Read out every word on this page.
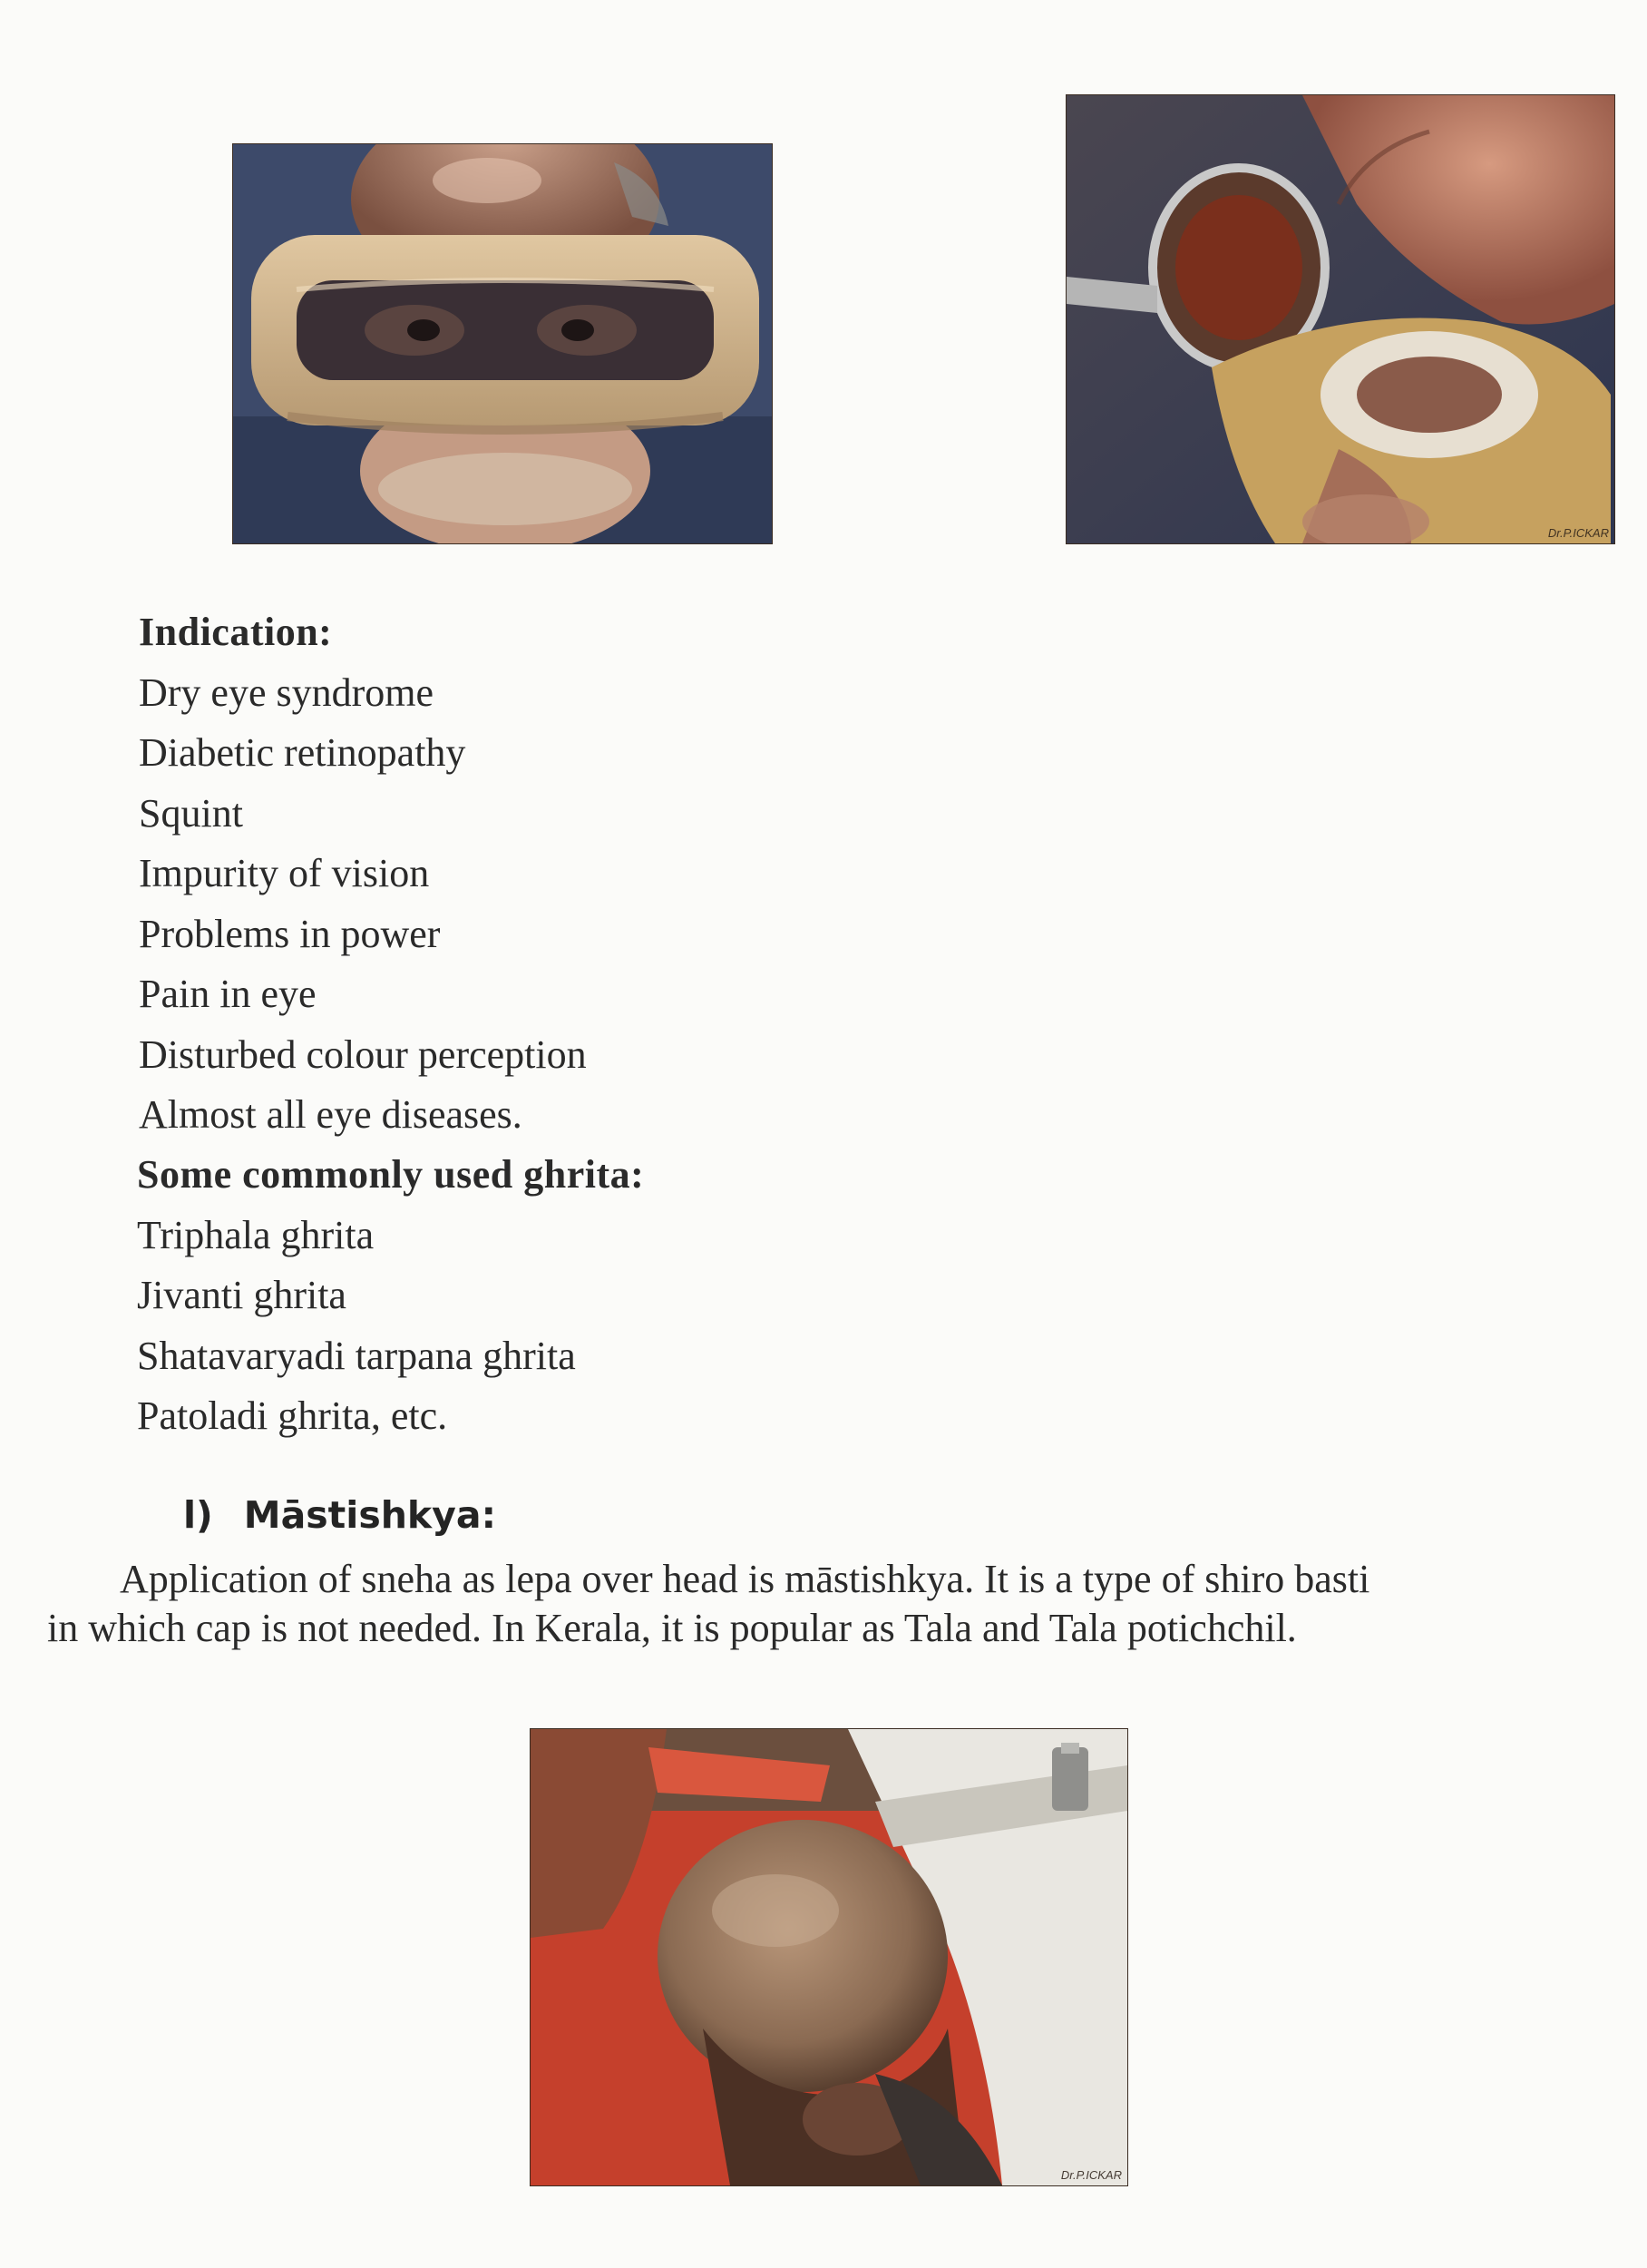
Dr.P.ICKAR
Indication:
Dry eye syndrome
Diabetic retinopathy
Squint
Impurity of vision
Problems in power
Pain in eye
Disturbed colour perception
Almost all eye diseases.
Some commonly used ghrita:
Triphala ghrita
Jivanti ghrita
Shatavaryadi tarpana ghrita
Patoladi ghrita, etc.
l) Māstishkya:
Application of sneha as lepa over head is māstishkya. It is a type of shiro basti
in which cap is not needed. In Kerala, it is popular as Tala and Tala potichchil.
Dr.P.ICKAR
